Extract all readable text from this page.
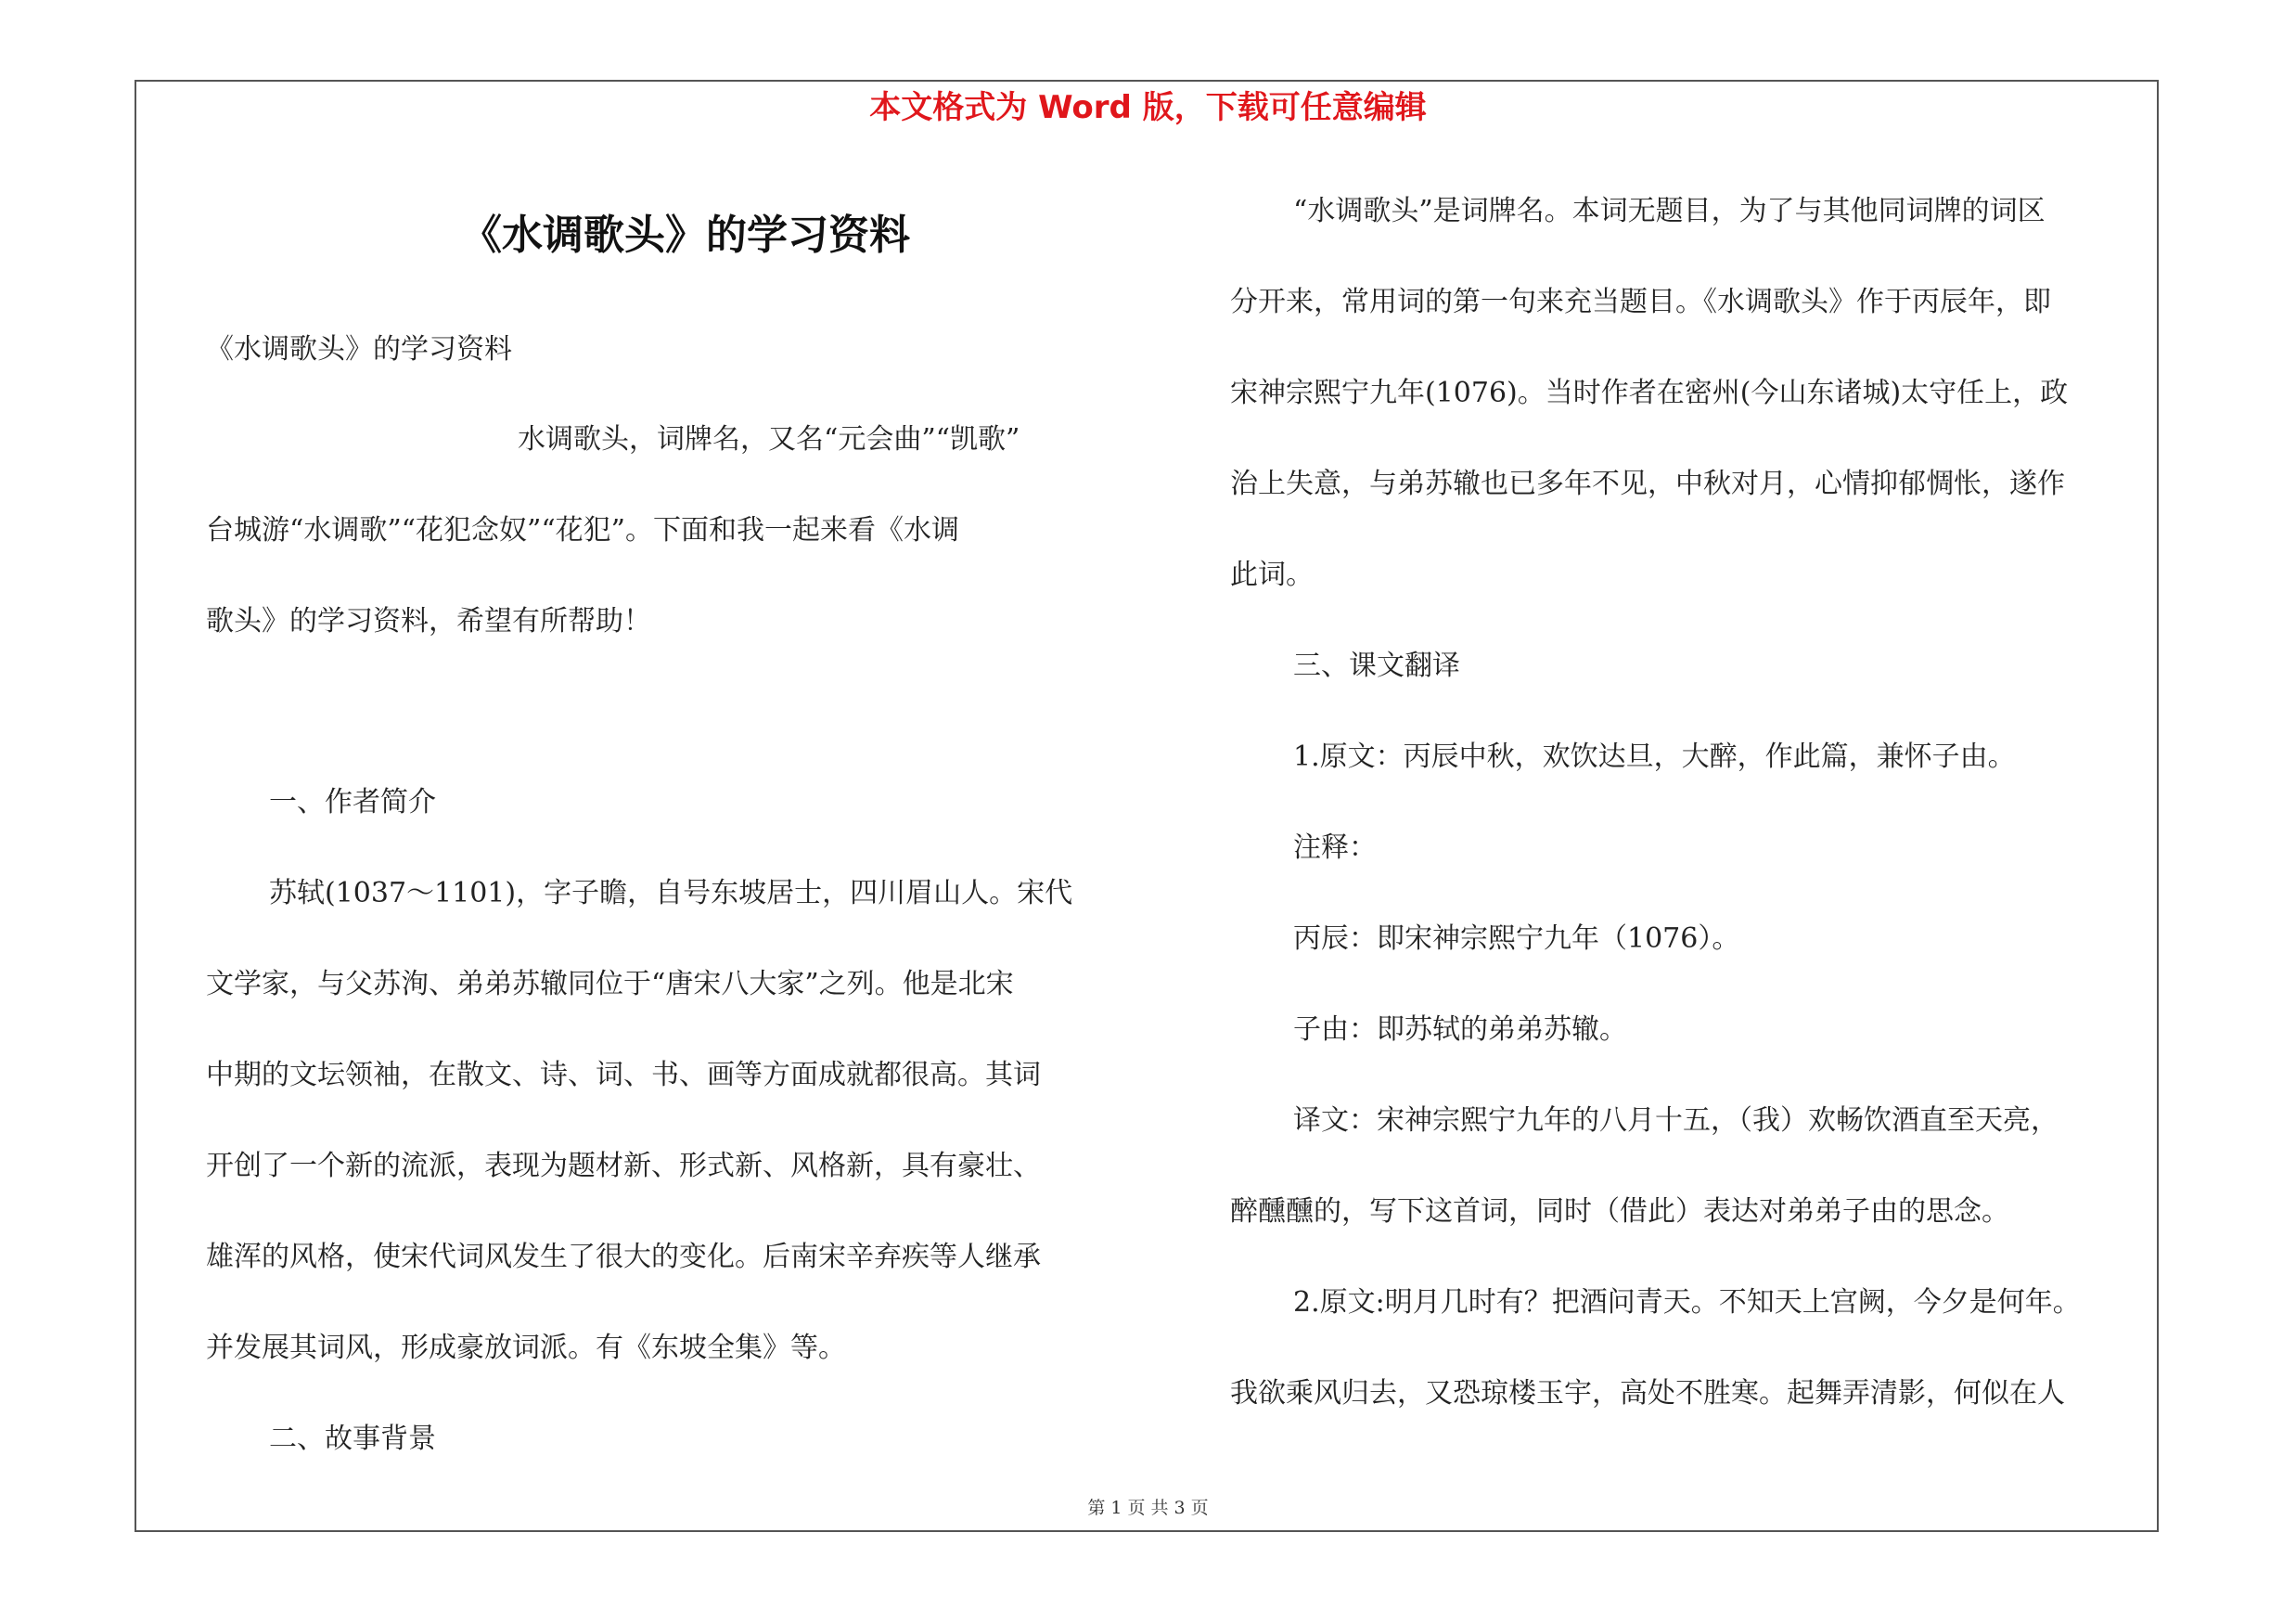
本文格式为 Word 版，下载可任意编辑
《水调歌头》的学习资料
《水调歌头》的学习资料
水调歌头，词牌名，又名“元会曲”“凯歌”
台城游“水调歌”“花犯念奴”“花犯”。下面和我一起来看《水调
歌头》的学习资料，希望有所帮助！
一、作者简介
苏轼(1037～1101)，字子瞻，自号东坡居士，四川眉山人。宋代
文学家，与父苏洵、弟弟苏辙同位于“唐宋八大家”之列。他是北宋
中期的文坛领袖，在散文、诗、词、书、画等方面成就都很高。其词
开创了一个新的流派，表现为题材新、形式新、风格新，具有豪壮、
雄浑的风格，使宋代词风发生了很大的变化。后南宋辛弃疾等人继承
并发展其词风，形成豪放词派。有《东坡全集》等。
二、故事背景
“水调歌头”是词牌名。本词无题目，为了与其他同词牌的词区
分开来，常用词的第一句来充当题目。《水调歌头》作于丙辰年，即
宋神宗熙宁九年(1076)。当时作者在密州(今山东诸城)太守任上，政
治上失意，与弟苏辙也已多年不见，中秋对月，心情抑郁惆怅，遂作
此词。
三、课文翻译
1.原文：丙辰中秋，欢饮达旦，大醉，作此篇，兼怀子由。
注释：
丙辰：即宋神宗熙宁九年（1076）。
子由：即苏轼的弟弟苏辙。
译文：宋神宗熙宁九年的八月十五，（我）欢畅饮酒直至天亮，
醉醺醺的，写下这首词，同时（借此）表达对弟弟子由的思念。
2.原文:明月几时有？把酒问青天。不知天上宫阙，今夕是何年。
我欲乘风归去，又恐琼楼玉宇，高处不胜寒。起舞弄清影，何似在人
第 1 页 共 3 页
